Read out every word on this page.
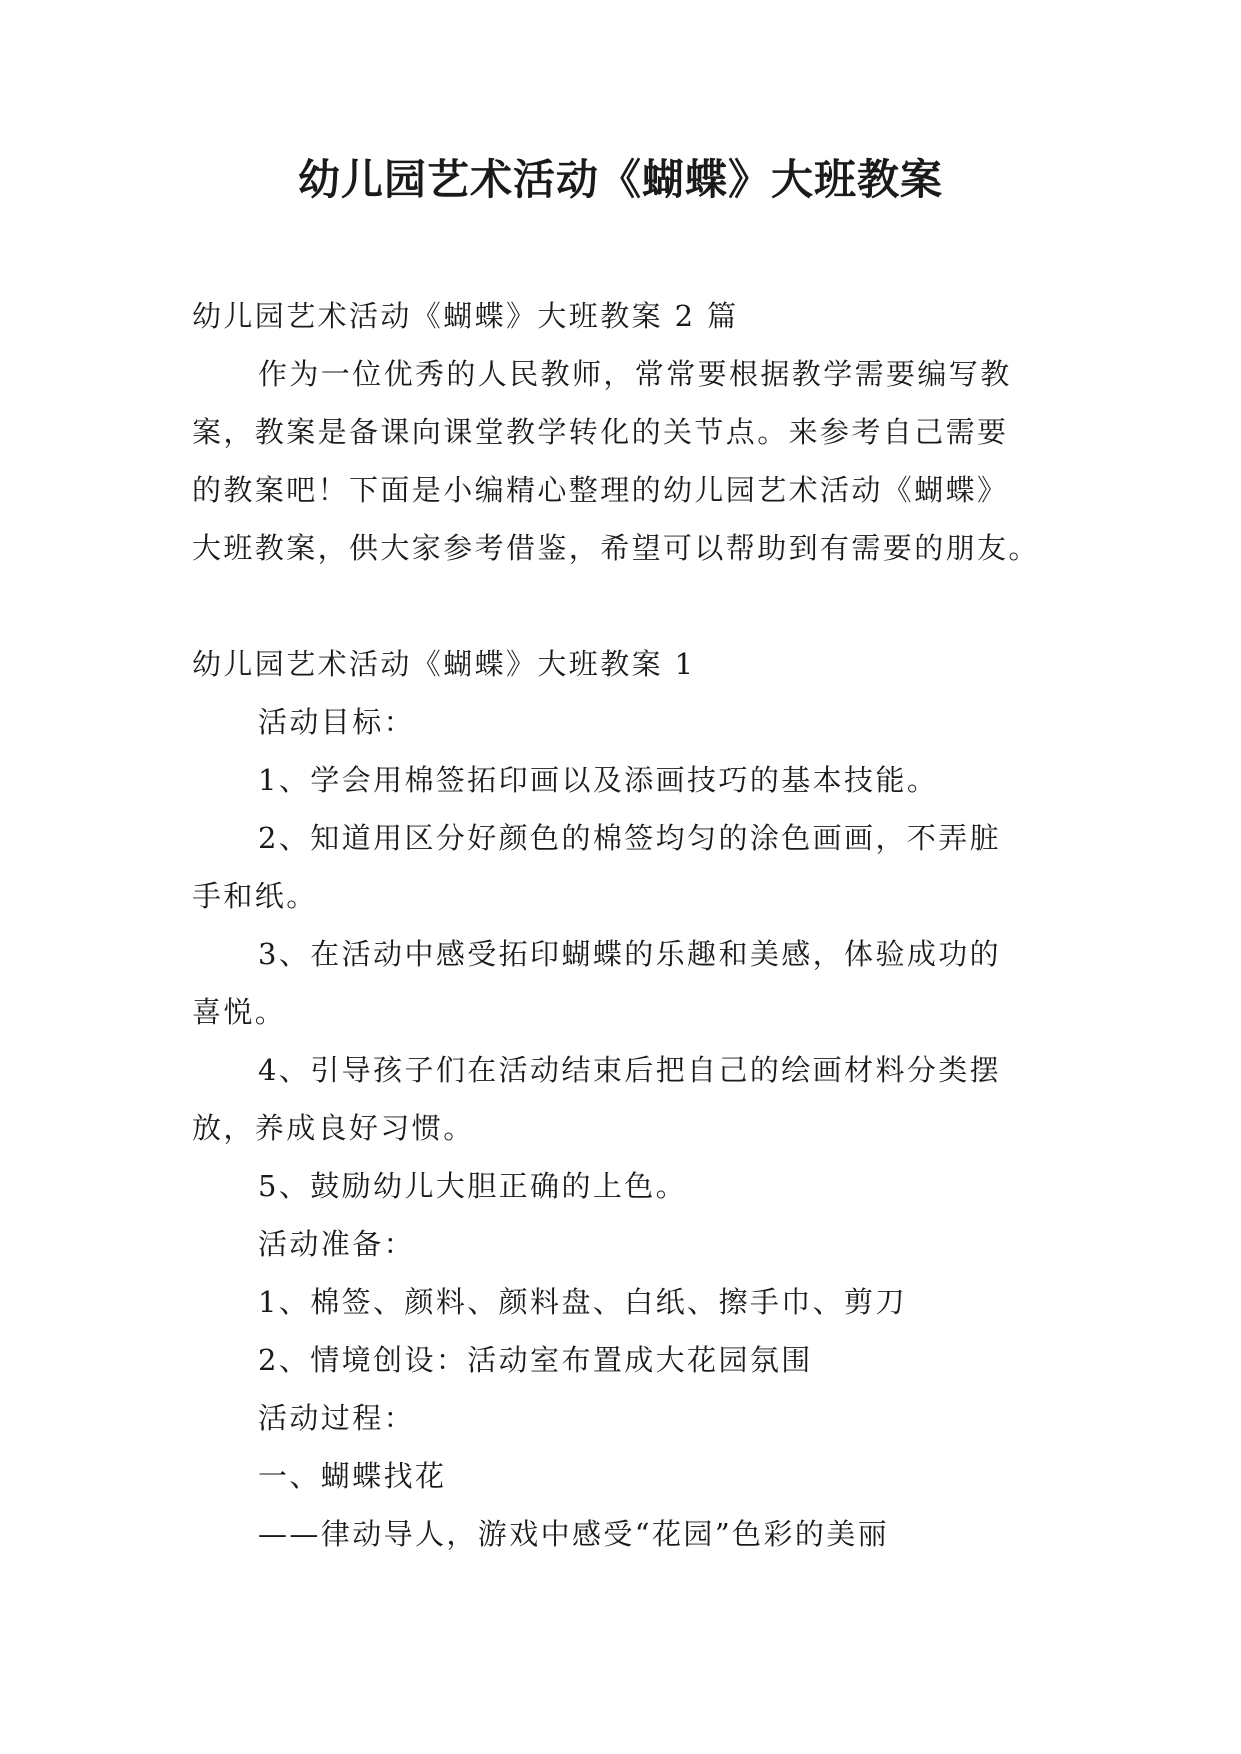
幼儿园艺术活动《蝴蝶》大班教案
幼儿园艺术活动《蝴蝶》大班教案 2 篇
作为一位优秀的人民教师，常常要根据教学需要编写教
案，教案是备课向课堂教学转化的关节点。来参考自己需要
的教案吧！下面是小编精心整理的幼儿园艺术活动《蝴蝶》
大班教案，供大家参考借鉴，希望可以帮助到有需要的朋友。
幼儿园艺术活动《蝴蝶》大班教案 1
活动目标：
1、学会用棉签拓印画以及添画技巧的基本技能。
2、知道用区分好颜色的棉签均匀的涂色画画，不弄脏
手和纸。
3、在活动中感受拓印蝴蝶的乐趣和美感，体验成功的
喜悦。
4、引导孩子们在活动结束后把自己的绘画材料分类摆
放，养成良好习惯。
5、鼓励幼儿大胆正确的上色。
活动准备：
1、棉签、颜料、颜料盘、白纸、擦手巾、剪刀
2、情境创设：活动室布置成大花园氛围
活动过程：
一、蝴蝶找花
——律动导人，游戏中感受“花园”色彩的美丽
